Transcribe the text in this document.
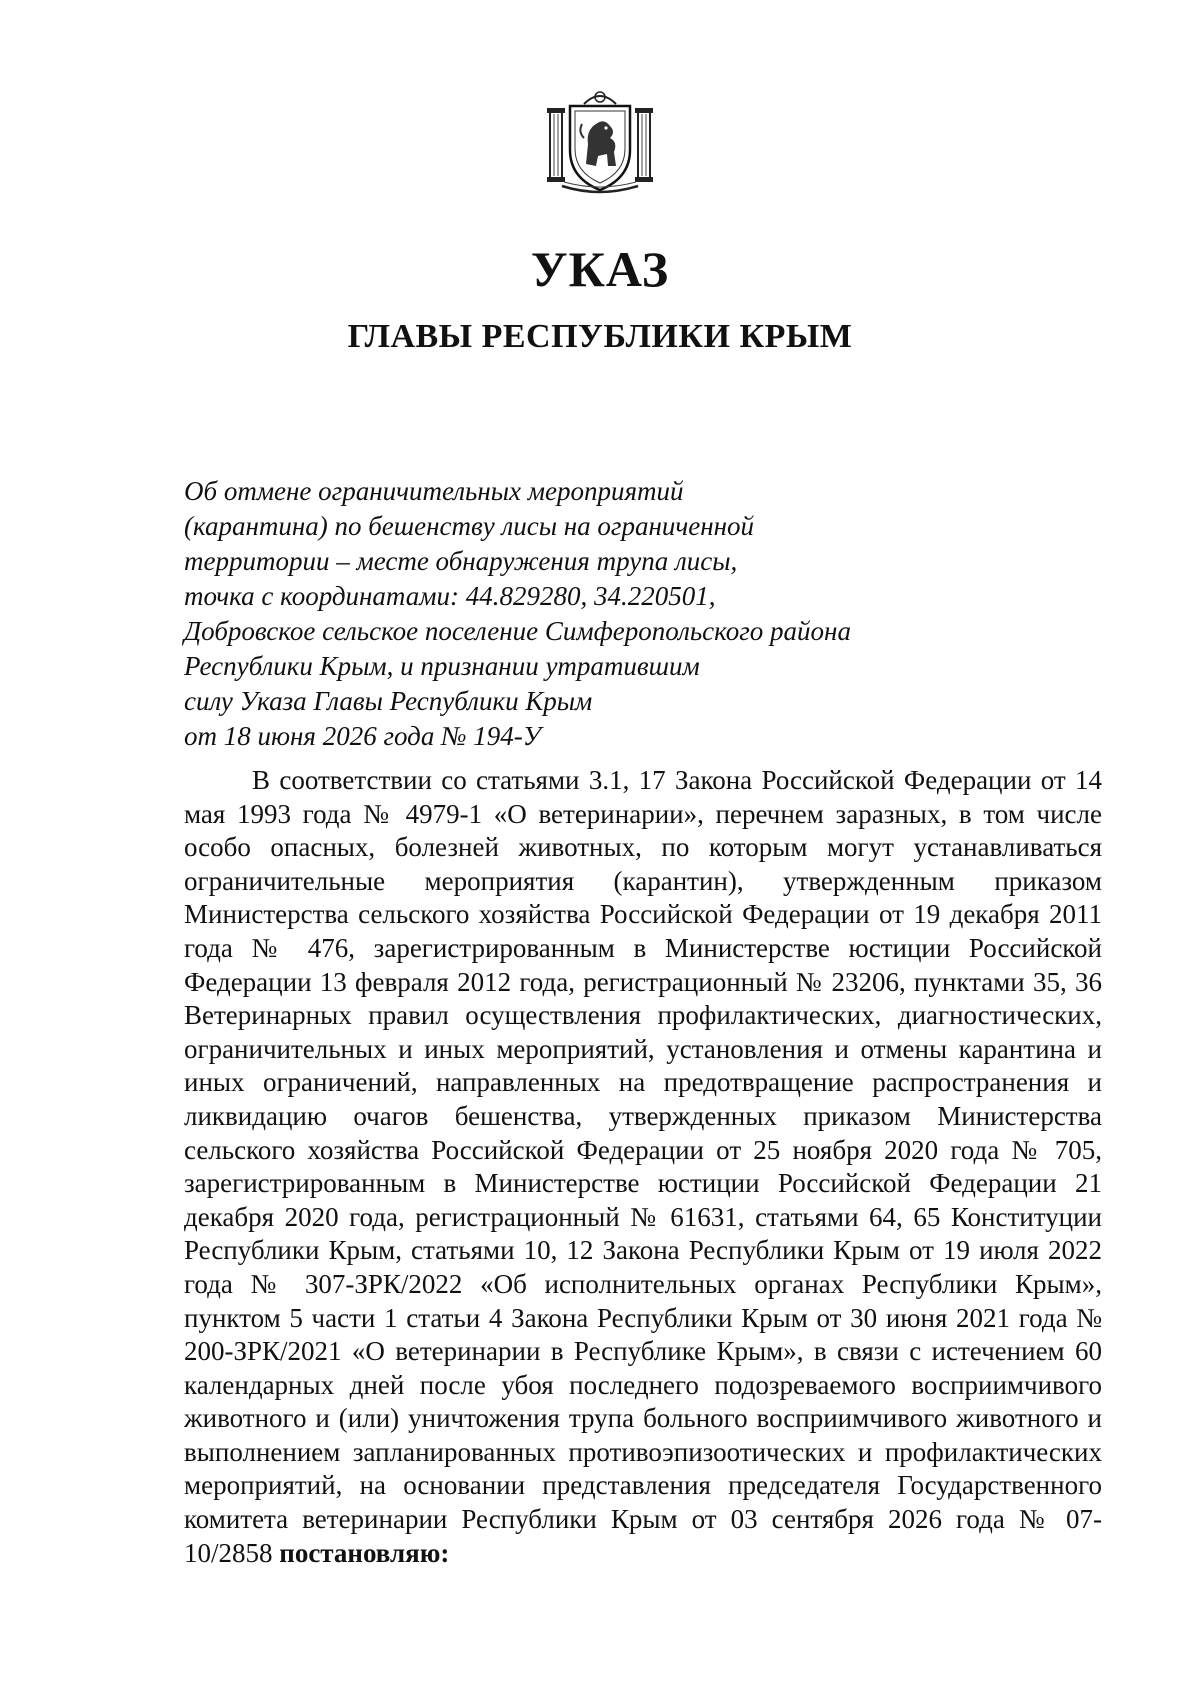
УКАЗ
ГЛАВЫ РЕСПУБЛИКИ КРЫМ
Об отмене ограничительных мероприятий
(карантина) по бешенству лисы на ограниченной
территории – месте обнаружения трупа лисы,
точка с координатами: 44.829280, 34.220501,
Добровское сельское поселение Симферопольского района
Республики Крым, и признании утратившим
силу Указа Главы Республики Крым
от 18 июня 2026 года № 194-У

В соответствии со статьями 3.1, 17 Закона Российской Федерации от 14 мая 1993 года № 4979-1 «О ветеринарии», перечнем заразных, в том числе особо опасных, болезней животных, по которым могут устанавливаться ограничительные мероприятия (карантин), утвержденным приказом Министерства сельского хозяйства Российской Федерации от 19 декабря 2011 года № 476, зарегистрированным в Министерстве юстиции Российской Федерации 13 февраля 2012 года, регистрационный № 23206, пунктами 35, 36 Ветеринарных правил осуществления профилактических, диагностических, ограничительных и иных мероприятий, установления и отмены карантина и иных ограничений, направленных на предотвращение распространения и ликвидацию очагов бешенства, утвержденных приказом Министерства сельского хозяйства Российской Федерации от 25 ноября 2020 года № 705, зарегистрированным в Министерстве юстиции Российской Федерации 21 декабря 2020 года, регистрационный № 61631, статьями 64, 65 Конституции Республики Крым, статьями 10, 12 Закона Республики Крым от 19 июля 2022 года № 307-ЗРК/2022 «Об исполнительных органах Республики Крым», пунктом 5 части 1 статьи 4 Закона Республики Крым от 30 июня 2021 года № 200-ЗРК/2021 «О ветеринарии в Республике Крым», в связи с истечением 60 календарных дней после убоя последнего подозреваемого восприимчивого животного и (или) уничтожения трупа больного восприимчивого животного и выполнением запланированных противоэпизоотических и профилактических мероприятий, на основании представления председателя Государственного комитета ветеринарии Республики Крым от 03 сентября 2026 года № 07-10/2858 постановляю:
